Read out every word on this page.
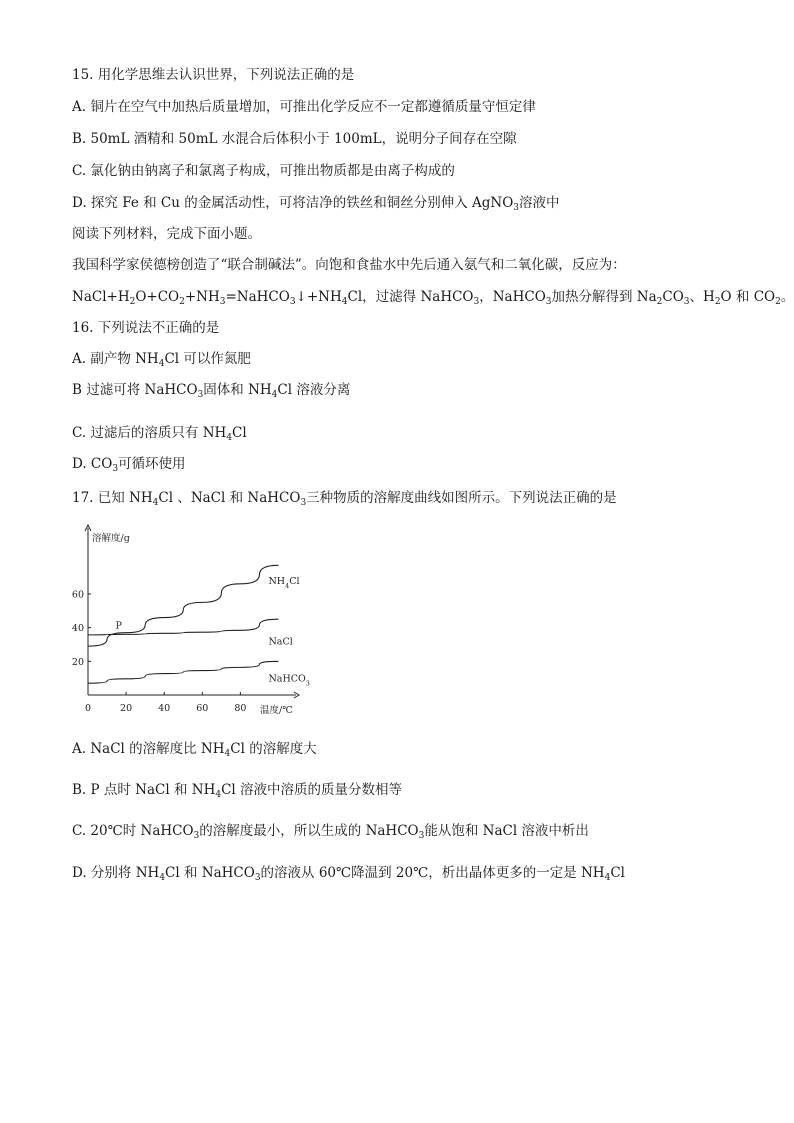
15. 用化学思维去认识世界，下列说法正确的是
A. 铜片在空气中加热后质量增加，可推出化学反应不一定都遵循质量守恒定律
B. 50mL 酒精和 50mL 水混合后体积小于 100mL，说明分子间存在空隙
C. 氯化钠由钠离子和氯离子构成，可推出物质都是由离子构成的
D. 探究 Fe 和 Cu 的金属活动性，可将洁净的铁丝和铜丝分别伸入 AgNO$_3$溶液中
阅读下列材料，完成下面小题。
我国科学家侯德榜创造了“联合制碱法”。向饱和食盐水中先后通入氨气和二氧化碳，反应为：
$NaCl+H_2O+CO_2+NH_3=NaHCO_3↓+NH_4Cl$，过滤得 NaHCO$_3$，NaHCO$_3$加热分解得到 $Na_2CO_3$、$H_2O$ 和 $CO_2$。
16. 下列说法不正确的是
A. 副产物 $NH_4Cl$ 可以作氮肥
B 过滤可将 NaHCO$_3$固体和 $NH_4Cl$ 溶液分离
C. 过滤后的溶质只有 $NH_4Cl$
D. $CO_3$可循环使用
17. 已知 $NH_4Cl$ 、NaCl 和 NaHCO$_3$三种物质的溶解度曲线如图所示。下列说法正确的是
0	20	40	60	80
20
40
60
溶解度/g
温度/℃
$NH_4Cl$
NaCl
NaHCO$_3$
P
A. NaCl 的溶解度比 $NH_4Cl$ 的溶解度大
B. P 点时 NaCl 和 $NH_4Cl$ 溶液中溶质的质量分数相等
C. 20℃时 NaHCO$_3$的溶解度最小，所以生成的 NaHCO$_3$能从饱和 NaCl 溶液中析出
D. 分别将 $NH_4Cl$ 和 NaHCO$_3$的溶液从 60℃降温到 20℃，析出晶体更多的一定是 $NH_4Cl$
